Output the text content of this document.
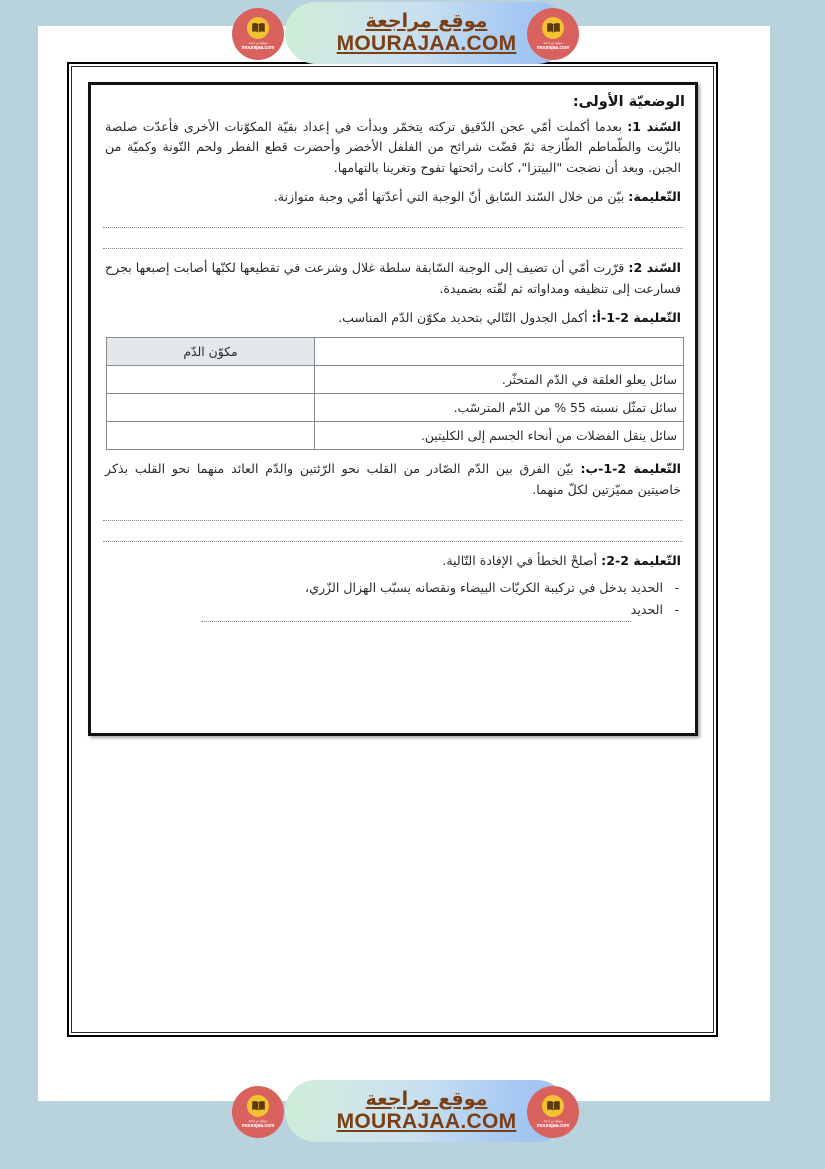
الوضعيّة الأولى:

السّند 1: بعدما أكملت أمّي عجن الدّقيق تركته يتخمّر وبدأت في إعداد بقيّة المكوّنات الأخرى فأعدّت صلصة بالزّيت والطّماطم الطّازجة ثمّ قضّت شرائح من الفلفل الأخضر وأحضرت قطع الفطر ولحم التّونة وكميّة من الجبن. وبعد أن نضجت "البيتزا"، كانت رائحتها تفوح وتغرينا بالتهامها.

التّعليمة: بيّن من خلال السّند السّابق أنّ الوجبة التي أعدّتها أمّي وجبة متوازنة.

السّند 2: قرّرت أمّي أن تضيف إلى الوجبة السّابقة سلطة غلال وشرعت في تقطيعها لكنّها أصابت إصبعها بجرح فسارعت إلى تنظيفه ومداواته ثم لفّته بضميدة.

التّعليمة 2-1-أ: أكمل الجدول التّالي بتحديد مكوّن الدّم المناسب.

	مكوّن الدّم
سائل يعلو العلقة في الدّم المتخثّر.	
سائل تمثّل نسبته 55 % من الدّم المترسّب.	
سائل ينقل الفضلات من أنحاء الجسم إلى الكليتين.	

التّعليمة 2-1-ب: بيّن الفرق بين الدّم الصّادر من القلب نحو الرّئتين والدّم العائد منهما نحو القلب بذكر خاصيتين مميّزتين لكلّ منهما.

التّعليمة 2-2: أصلحْ الخطأ في الإفادة التّالية.

- الحديد يدخل في تركيبة الكريّات البيضاء ونقصانه يسبّب الهزال الزّري،
- الحديد
موقع مراجعة
mourajaa.com
موقع مراجعة
MOURAJAA.COM	موقع مراجعة
mourajaa.com
موقع مراجعة
mourajaa.com
موقع مراجعة
MOURAJAA.COM	موقع مراجعة
mourajaa.com
